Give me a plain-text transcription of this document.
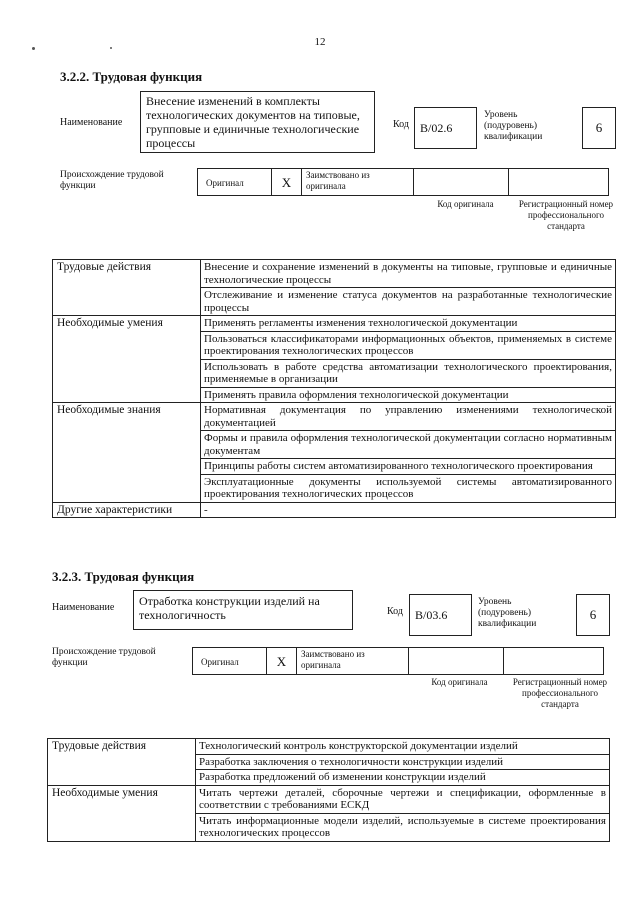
12
3.2.2. Трудовая функция
Наименование
Внесение изменений в комплекты технологических документов на типовые, групповые и единичные технологические процессы
Код В/02.6
Уровень (подуровень) квалификации
6
Происхождение трудовой функции	Оригинал	X	Заимствовано из оригинала
Код оригинала	Регистрационный номер профессионального стандарта
Трудовые действия	Внесение и сохранение изменений в документы на типовые, групповые и единичные технологические процессы
	Отслеживание и изменение статуса документов на разработанные технологические процессы
Необходимые умения	Применять регламенты изменения технологической документации
	Пользоваться классификаторами информационных объектов, применяемых в системе проектирования технологических процессов
	Использовать в работе средства автоматизации технологического проектирования, применяемые в организации
	Применять правила оформления технологической документации
Необходимые знания	Нормативная документация по управлению изменениями технологической документацией
	Формы и правила оформления технологической документации согласно нормативным документам
	Принципы работы систем автоматизированного технологического проектирования
	Эксплуатационные документы используемой системы автоматизированного проектирования технологических процессов
Другие характеристики	-
3.2.3. Трудовая функция
Наименование	Отработка конструкции изделий на технологичность	Код	В/03.6
Уровень (подуровень) квалификации
6
Происхождение трудовой функции	Оригинал	X	Заимствовано из оригинала
Код оригинала	Регистрационный номер профессионального стандарта
Трудовые действия	Технологический контроль конструкторской документации изделий
	Разработка заключения о технологичности конструкции изделий
	Разработка предложений об изменении конструкции изделий
Необходимые умения	Читать чертежи деталей, сборочные чертежи и спецификации, оформленные в соответствии с требованиями ЕСКД
	Читать информационные модели изделий, используемые в системе проектирования технологических процессов
